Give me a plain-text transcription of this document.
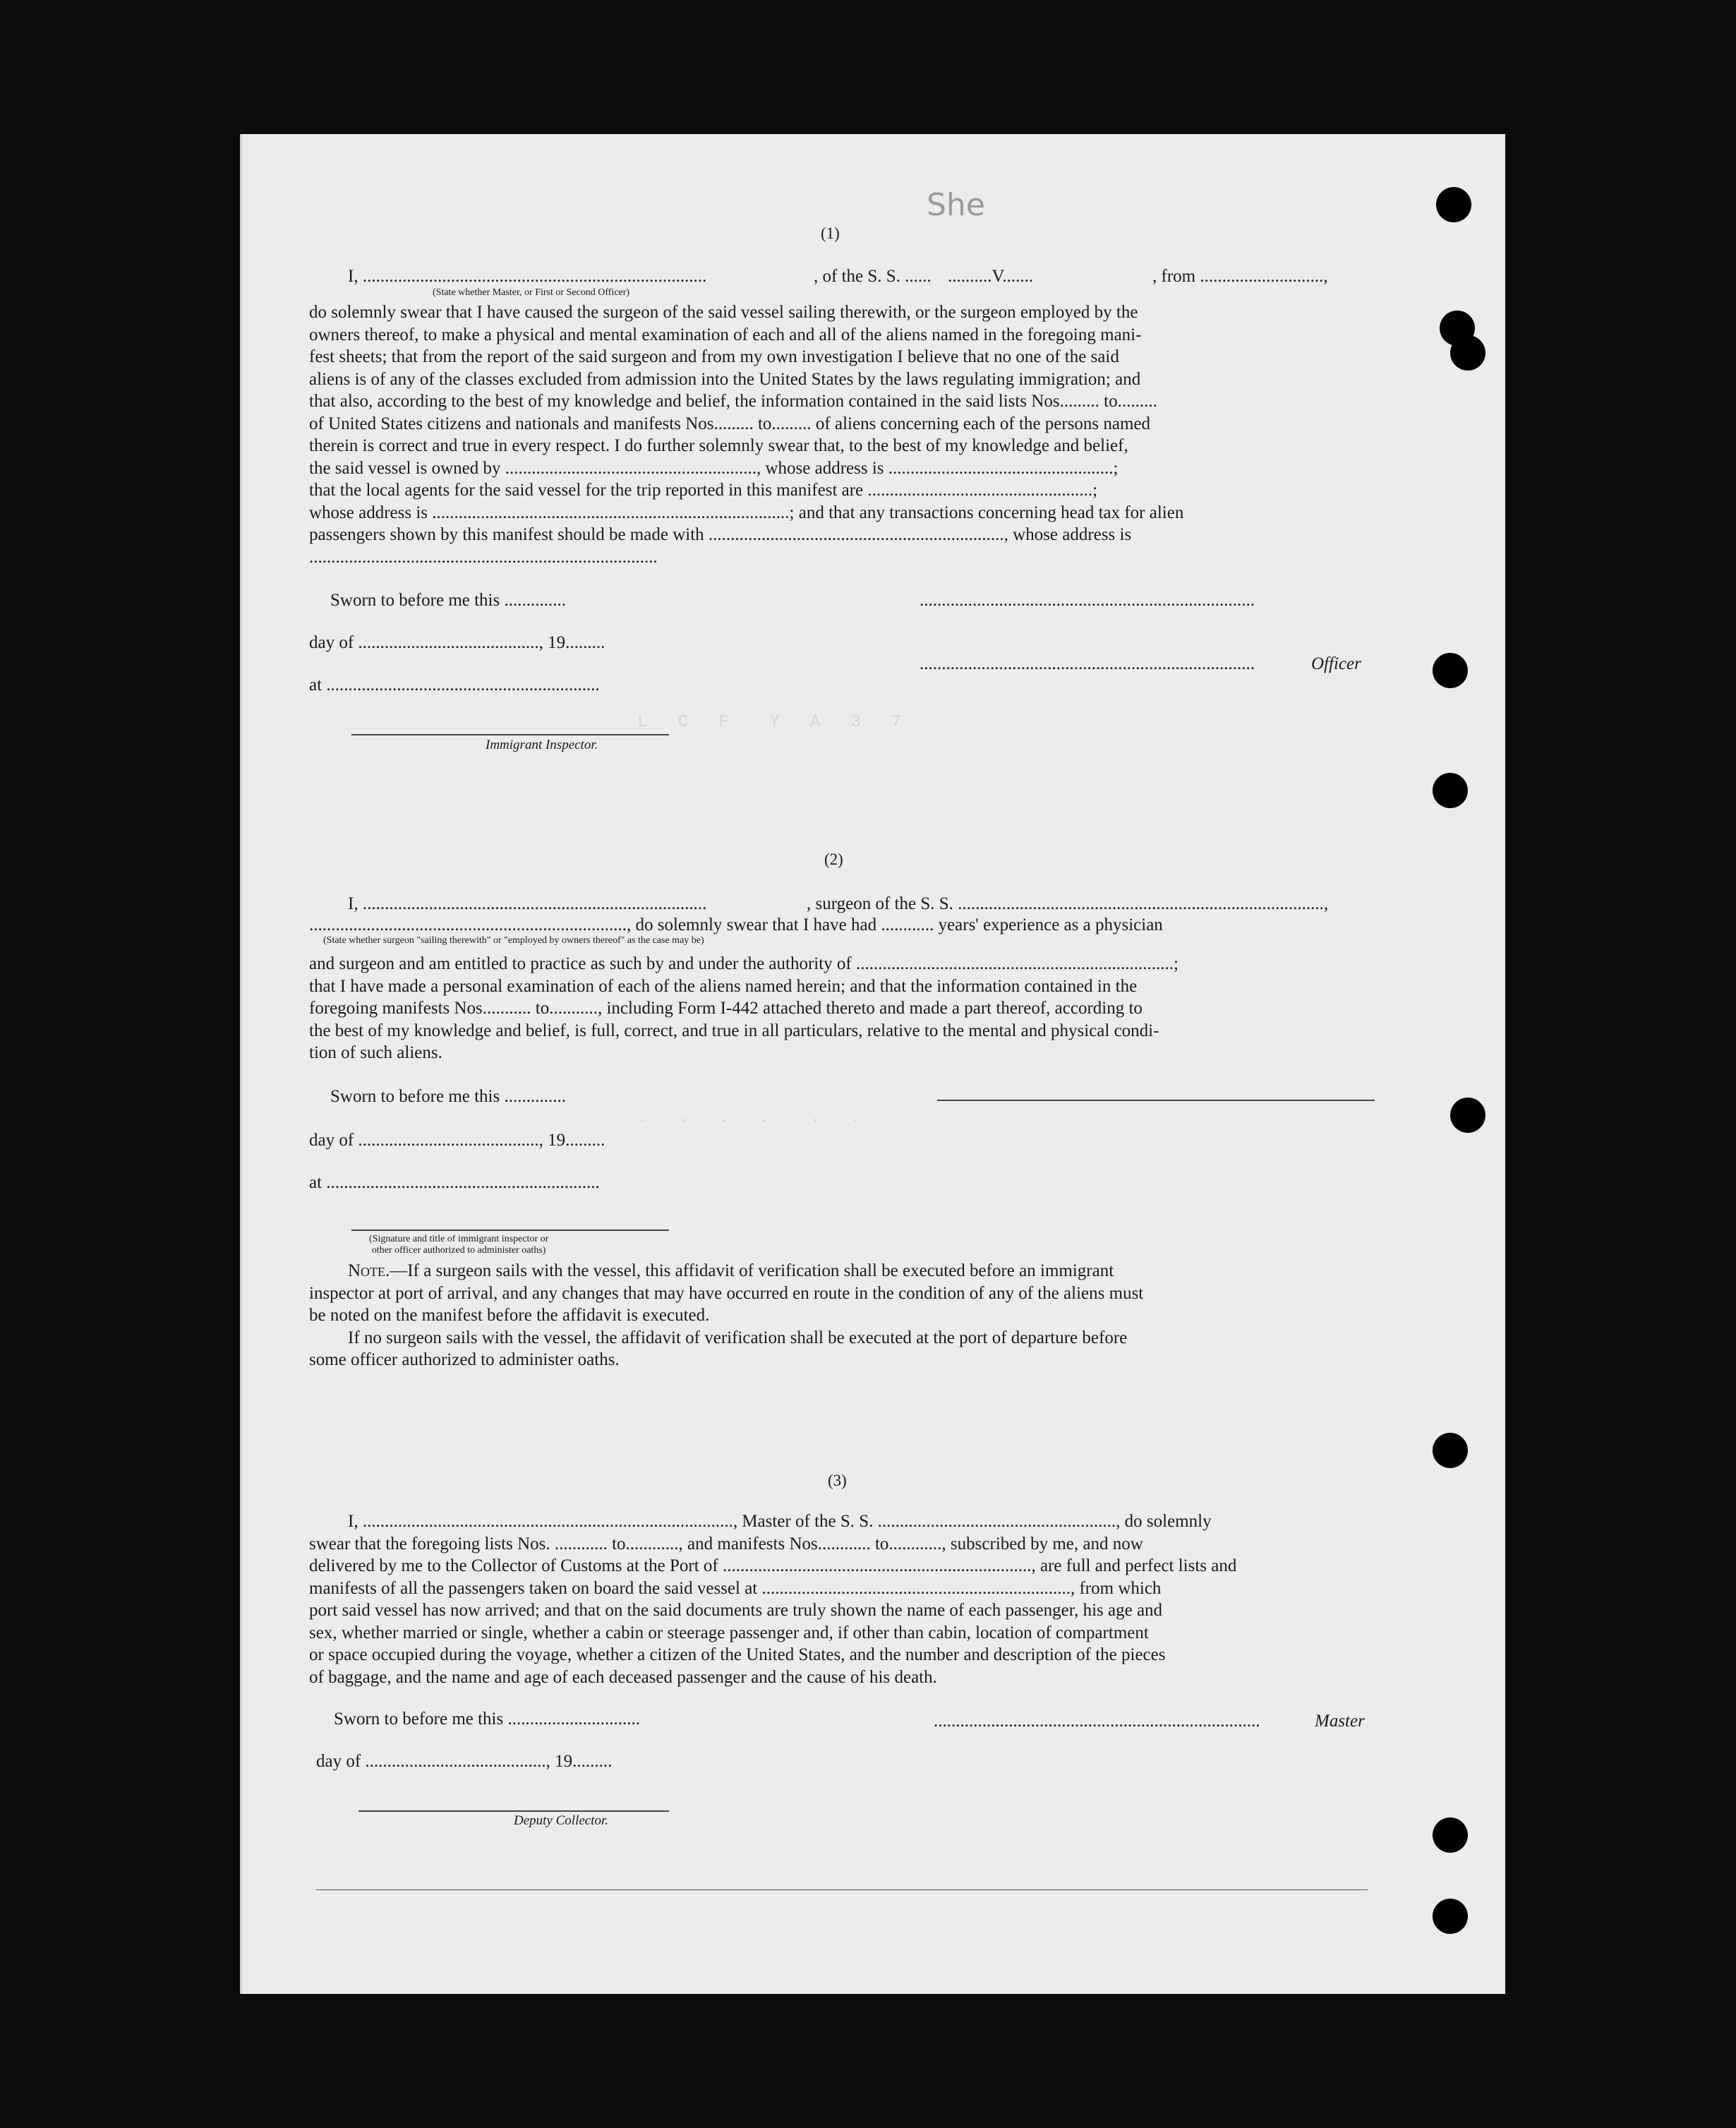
She
L   C   F    Y   A   3   7
.   .   .   .    .   .
(1)
I, ..............................................................................	, of the S. S. ...... ..........V.......	, from ............................,
(State whether Master, or First or Second Officer)
do solemnly swear that I have caused the surgeon of the said vessel sailing therewith, or the surgeon employed by the
owners thereof, to make a physical and mental examination of each and all of the aliens named in the foregoing mani-
fest sheets; that from the report of the said surgeon and from my own investigation I believe that no one of the said
aliens is of any of the classes excluded from admission into the United States by the laws regulating immigration; and
that also, according to the best of my knowledge and belief, the information contained in the said lists Nos......... to.........
of United States citizens and nationals and manifests Nos......... to......... of aliens concerning each of the persons named
therein is correct and true in every respect. I do further solemnly swear that, to the best of my knowledge and belief,
the said vessel is owned by ........................................................., whose address is ...................................................;
that the local agents for the said vessel for the trip reported in this manifest are ...................................................;
whose address is .................................................................................; and that any transactions concerning head tax for alien
passengers shown by this manifest should be made with ..................................................................., whose address is
...............................................................................
Sworn to before me this ..............	............................................................................
day of ........................................., 19.........
............................................................................	Officer
at ..............................................................
Immigrant Inspector.
(2)
I, ..............................................................................	, surgeon of the S. S. ...................................................................................,
........................................................................, do solemnly swear that I have had ............ years' experience as a physician
(State whether surgeon "sailing therewith" or "employed by owners thereof" as the case may be)
and surgeon and am entitled to practice as such by and under the authority of ........................................................................;
that I have made a personal examination of each of the aliens named herein; and that the information contained in the
foregoing manifests Nos........... to..........., including Form I-442 attached thereto and made a part thereof, according to
the best of my knowledge and belief, is full, correct, and true in all particulars, relative to the mental and physical condi-
tion of such aliens.
Sworn to before me this ..............
day of ........................................., 19.........
at ..............................................................
(Signature and title of immigrant inspector or
other officer authorized to administer oaths)
Note.—If a surgeon sails with the vessel, this affidavit of verification shall be executed before an immigrant
inspector at port of arrival, and any changes that may have occurred en route in the condition of any of the aliens must
be noted on the manifest before the affidavit is executed.
If no surgeon sails with the vessel, the affidavit of verification shall be executed at the port of departure before
some officer authorized to administer oaths.
(3)
I, ...................................................................................., Master of the S. S. ......................................................, do solemnly
swear that the foregoing lists Nos. ............ to............, and manifests Nos............ to............, subscribed by me, and now
delivered by me to the Collector of Customs at the Port of ......................................................................, are full and perfect lists and
manifests of all the passengers taken on board the said vessel at ......................................................................, from which
port said vessel has now arrived; and that on the said documents are truly shown the name of each passenger, his age and
sex, whether married or single, whether a cabin or steerage passenger and, if other than cabin, location of compartment
or space occupied during the voyage, whether a citizen of the United States, and the number and description of the pieces
of baggage, and the name and age of each deceased passenger and the cause of his death.
Sworn to before me this ..............................	..........................................................................	Master
day of ........................................., 19.........
Deputy Collector.
